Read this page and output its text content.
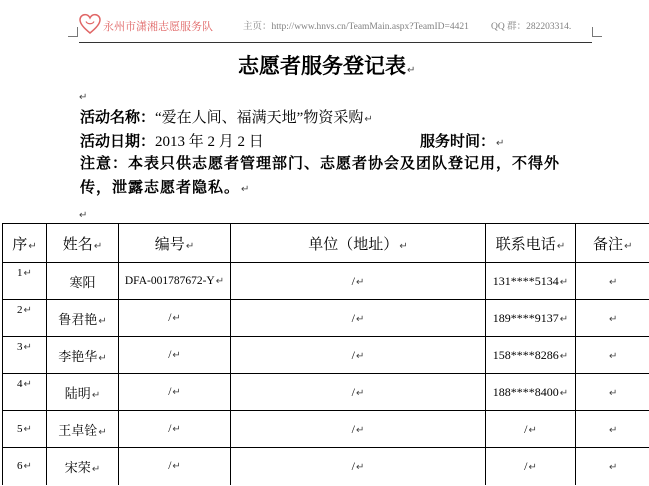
永州市潇湘志愿服务队	主页：http://www.hnvs.cn/TeamMain.aspx?TeamID=4421 QQ 群：282203314.
志愿者服务登记表↵
↵
活动名称：“爱在人间、福满天地”物资采购↵
活动日期：2013 年 2 月 2 日	服务时间：↵
注意：本表只供志愿者管理部门、志愿者协会及团队登记用，不得外
传，泄露志愿者隐私。↵
↵
序↵	姓名↵	编号↵	单位（地址）↵	联系电话↵	备注↵
1↵	寒阳	DFA-001787672-Y↵	/↵	131****5134↵	↵
2↵	鲁君艳↵	/↵	/↵	189****9137↵	↵
3↵	李艳华↵	/↵	/↵	158****8286↵	↵
4↵	陆明↵	/↵	/↵	188****8400↵	↵
5↵	王卓铨↵	/↵	/↵	/↵	↵
6↵	宋荣↵	/↵	/↵	/↵	↵
